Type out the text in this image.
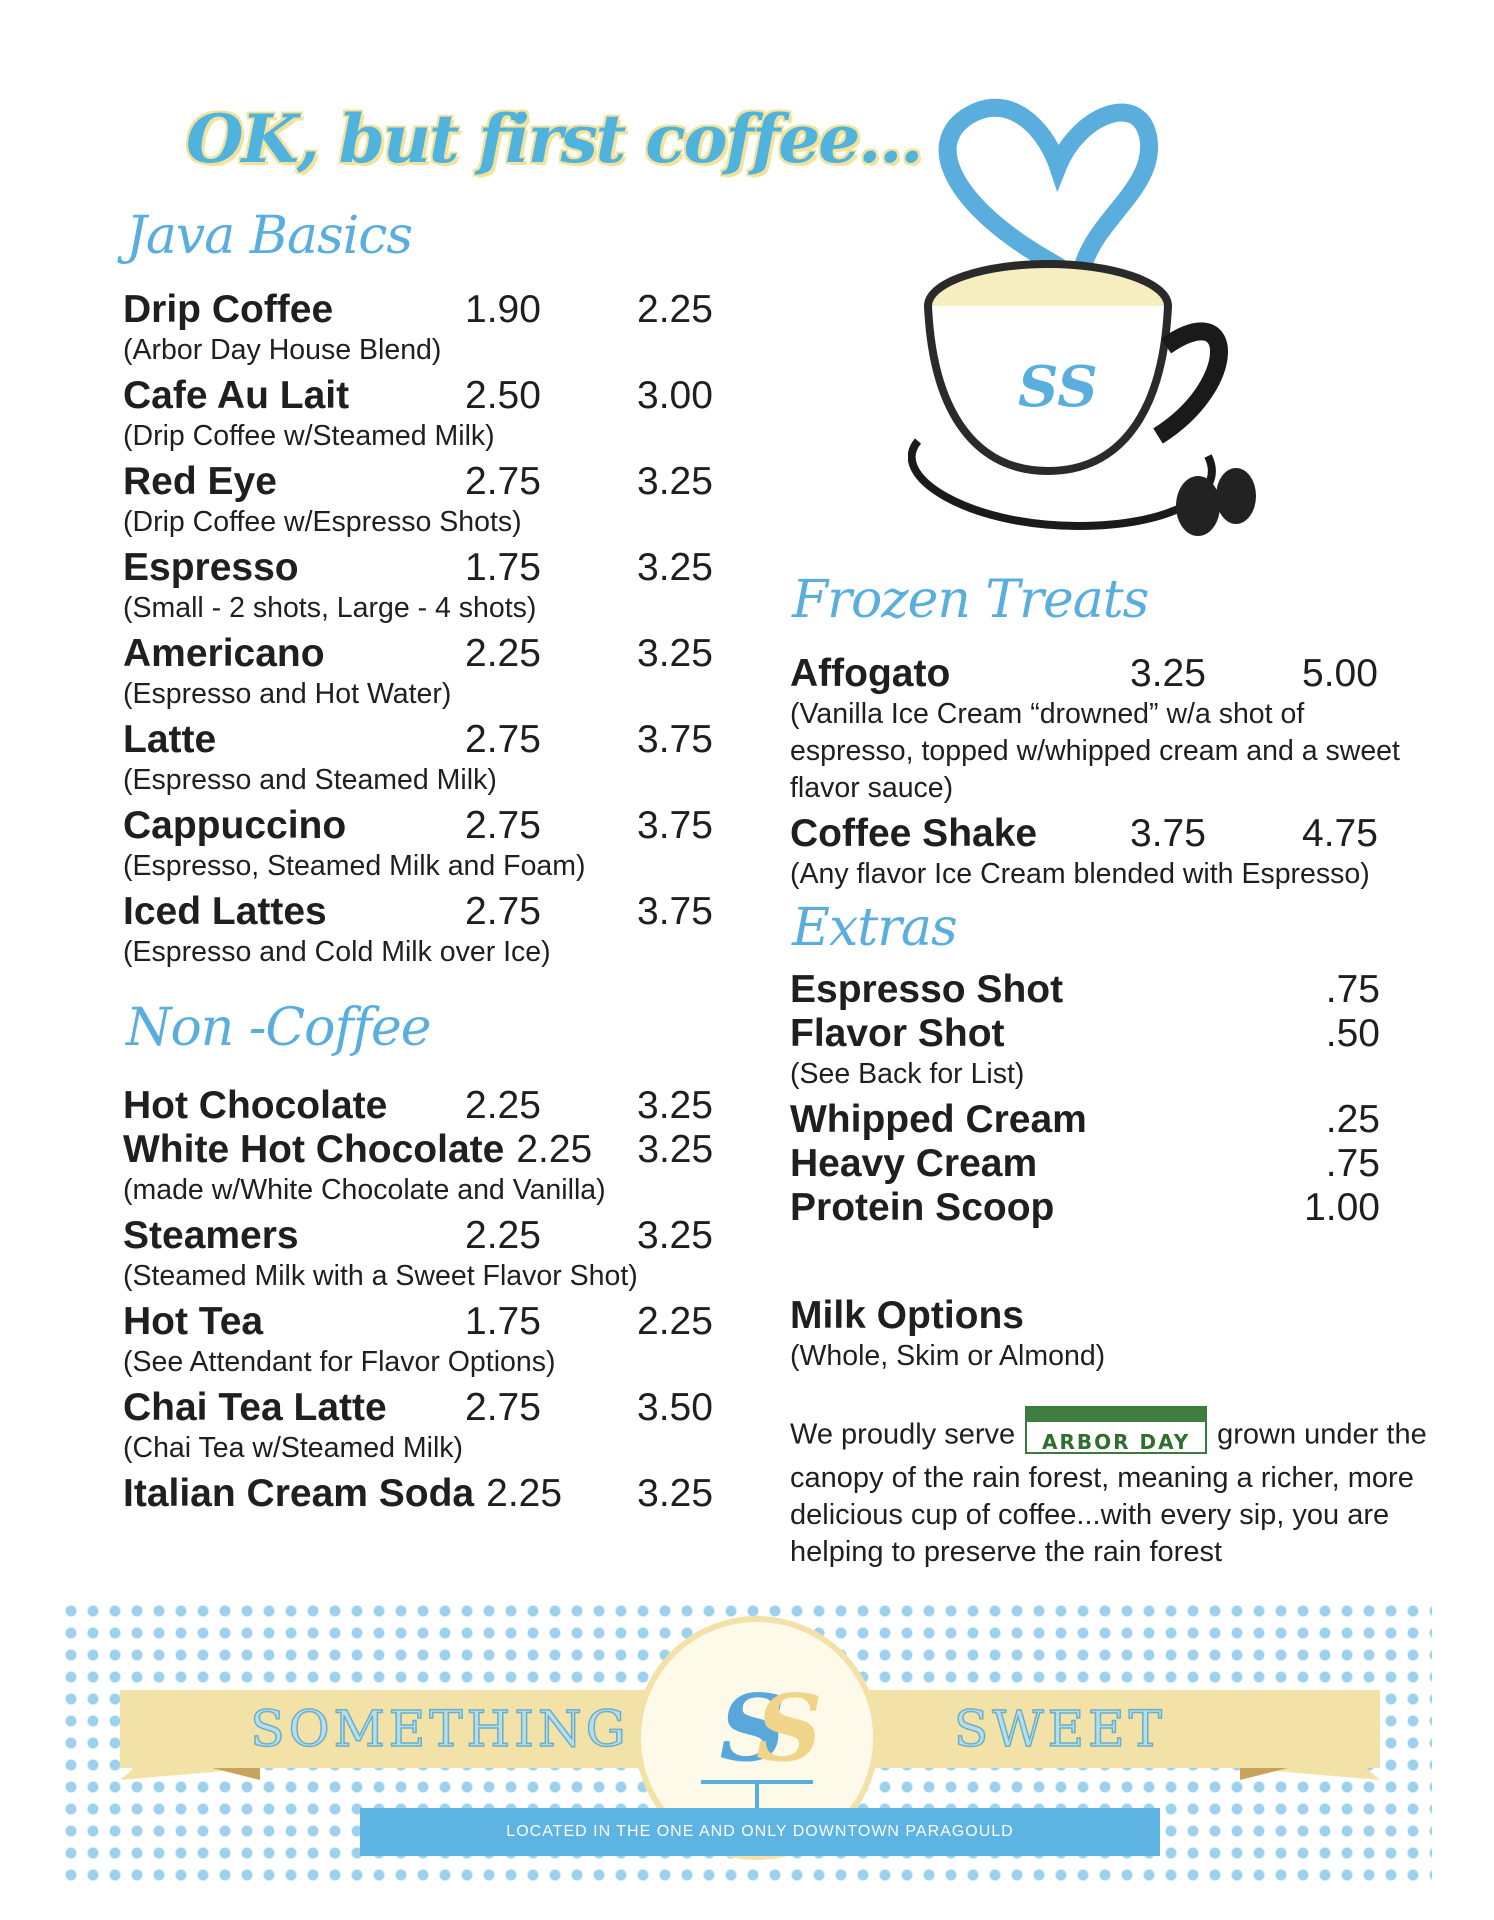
OK, but first coffee...
SS
Java Basics
Drip Coffee	1.90	2.25
(Arbor Day House Blend)
Cafe Au Lait	2.50	3.00
(Drip Coffee w/Steamed Milk)
Red Eye	2.75	3.25
(Drip Coffee w/Espresso Shots)
Espresso	1.75	3.25
(Small - 2 shots, Large - 4 shots)
Americano	2.25	3.25
(Espresso and Hot Water)
Latte	2.75	3.75
(Espresso and Steamed Milk)
Cappuccino	2.75	3.75
(Espresso, Steamed Milk and Foam)
Iced Lattes	2.75	3.75
(Espresso and Cold Milk over Ice)
Non -Coffee
Hot Chocolate	2.25	3.25
White Hot Chocolate 2.25	3.25
(made w/White Chocolate and Vanilla)
Steamers	2.25	3.25
(Steamed Milk with a Sweet Flavor Shot)
Hot Tea	1.75	2.25
(See Attendant for Flavor Options)
Chai Tea Latte	2.75	3.50
(Chai Tea w/Steamed Milk)
Italian Cream Soda 2.25	3.25
Frozen Treats
Affogato	3.25	5.00
(Vanilla Ice Cream “drowned” w/a shot of espresso, topped w/whipped cream and a sweet flavor sauce)
Coffee Shake	3.75	4.75
(Any flavor Ice Cream blended with Espresso)
Extras
Espresso Shot	.75
Flavor Shot	.50
(See Back for List)
Whipped Cream	.25
Heavy Cream	.75
Protein Scoop	1.00
Milk Options
(Whole, Skim or Almond)
We proudly serve	ARBOR DAY grown under the canopy of the rain forest, meaning a richer, more delicious cup of coffee...with every sip, you are helping to preserve the rain forest
SOMETHING	SWEET
SS
LOCATED IN THE ONE AND ONLY DOWNTOWN PARAGOULD
